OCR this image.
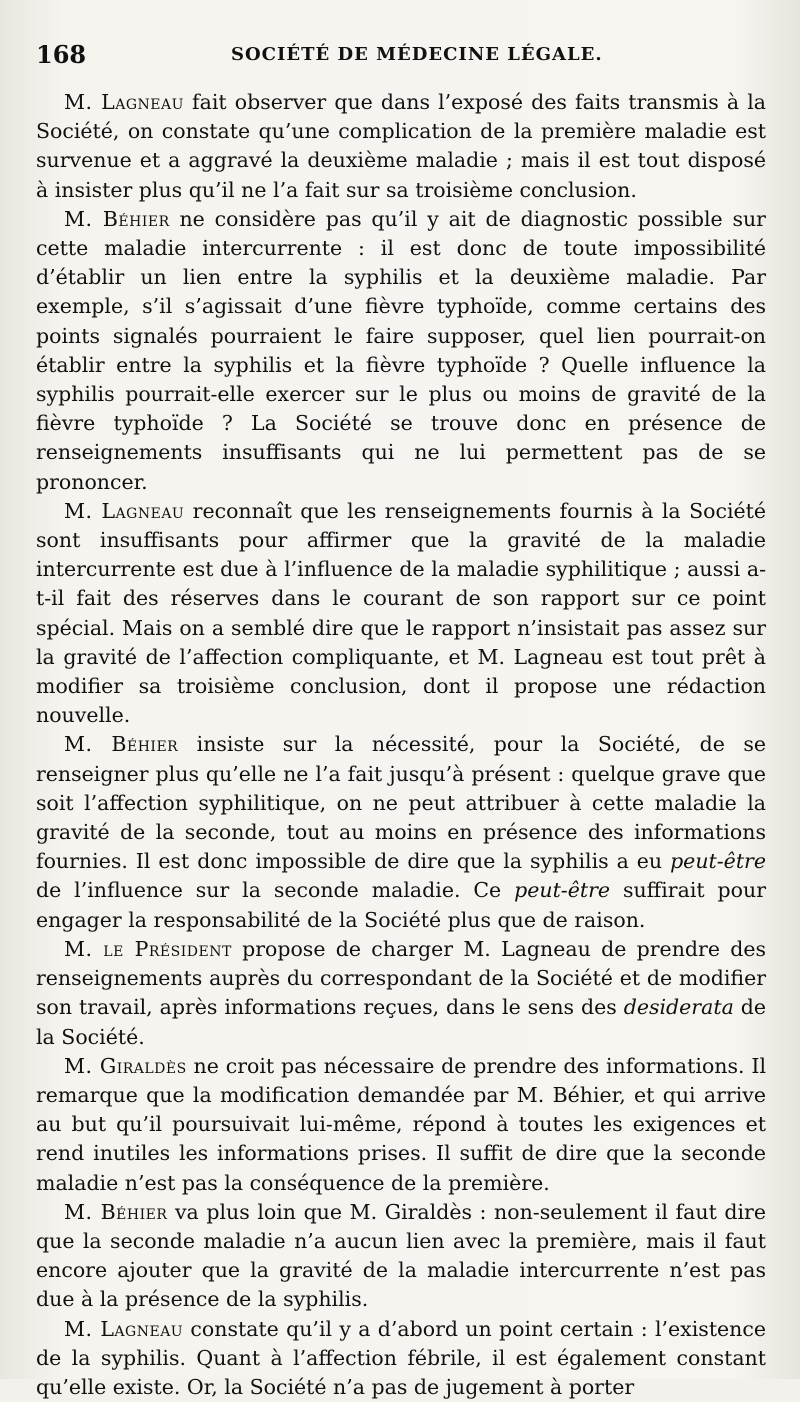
168	SOCIÉTÉ DE MÉDECINE LÉGALE.

M. Lagneau fait observer que dans l’exposé des faits transmis à la Société, on constate qu’une complication de la première maladie est survenue et a aggravé la deuxième maladie ; mais il est tout disposé à insister plus qu’il ne l’a fait sur sa troisième conclusion.

M. Béhier ne considère pas qu’il y ait de diagnostic possible sur cette maladie intercurrente : il est donc de toute impossibilité d’établir un lien entre la syphilis et la deuxième maladie. Par exemple, s’il s’agissait d’une fièvre typhoïde, comme certains des points signalés pourraient le faire supposer, quel lien pourrait-on établir entre la syphilis et la fièvre typhoïde ? Quelle influence la syphilis pourrait-elle exercer sur le plus ou moins de gravité de la fièvre typhoïde ? La Société se trouve donc en présence de renseignements insuffisants qui ne lui permettent pas de se prononcer.

M. Lagneau reconnaît que les renseignements fournis à la Société sont insuffisants pour affirmer que la gravité de la maladie intercurrente est due à l’influence de la maladie syphilitique ; aussi a-t-il fait des réserves dans le courant de son rapport sur ce point spécial. Mais on a semblé dire que le rapport n’insistait pas assez sur la gravité de l’affection compliquante, et M. Lagneau est tout prêt à modifier sa troisième conclusion, dont il propose une rédaction nouvelle.

M. Béhier insiste sur la nécessité, pour la Société, de se renseigner plus qu’elle ne l’a fait jusqu’à présent : quelque grave que soit l’affection syphilitique, on ne peut attribuer à cette maladie la gravité de la seconde, tout au moins en présence des informations fournies. Il est donc impossible de dire que la syphilis a eu peut-être de l’influence sur la seconde maladie. Ce peut-être suffirait pour engager la responsabilité de la Société plus que de raison.

M. le Président propose de charger M. Lagneau de prendre des renseignements auprès du correspondant de la Société et de modifier son travail, après informations reçues, dans le sens des desiderata de la Société.

M. Giraldès ne croit pas nécessaire de prendre des informations. Il remarque que la modification demandée par M. Béhier, et qui arrive au but qu’il poursuivait lui-même, répond à toutes les exigences et rend inutiles les informations prises. Il suffit de dire que la seconde maladie n’est pas la conséquence de la première.

M. Béhier va plus loin que M. Giraldès : non-seulement il faut dire que la seconde maladie n’a aucun lien avec la première, mais il faut encore ajouter que la gravité de la maladie intercurrente n’est pas due à la présence de la syphilis.

M. Lagneau constate qu’il y a d’abord un point certain : l’existence de la syphilis. Quant à l’affection fébrile, il est également constant qu’elle existe. Or, la Société n’a pas de jugement à porter
